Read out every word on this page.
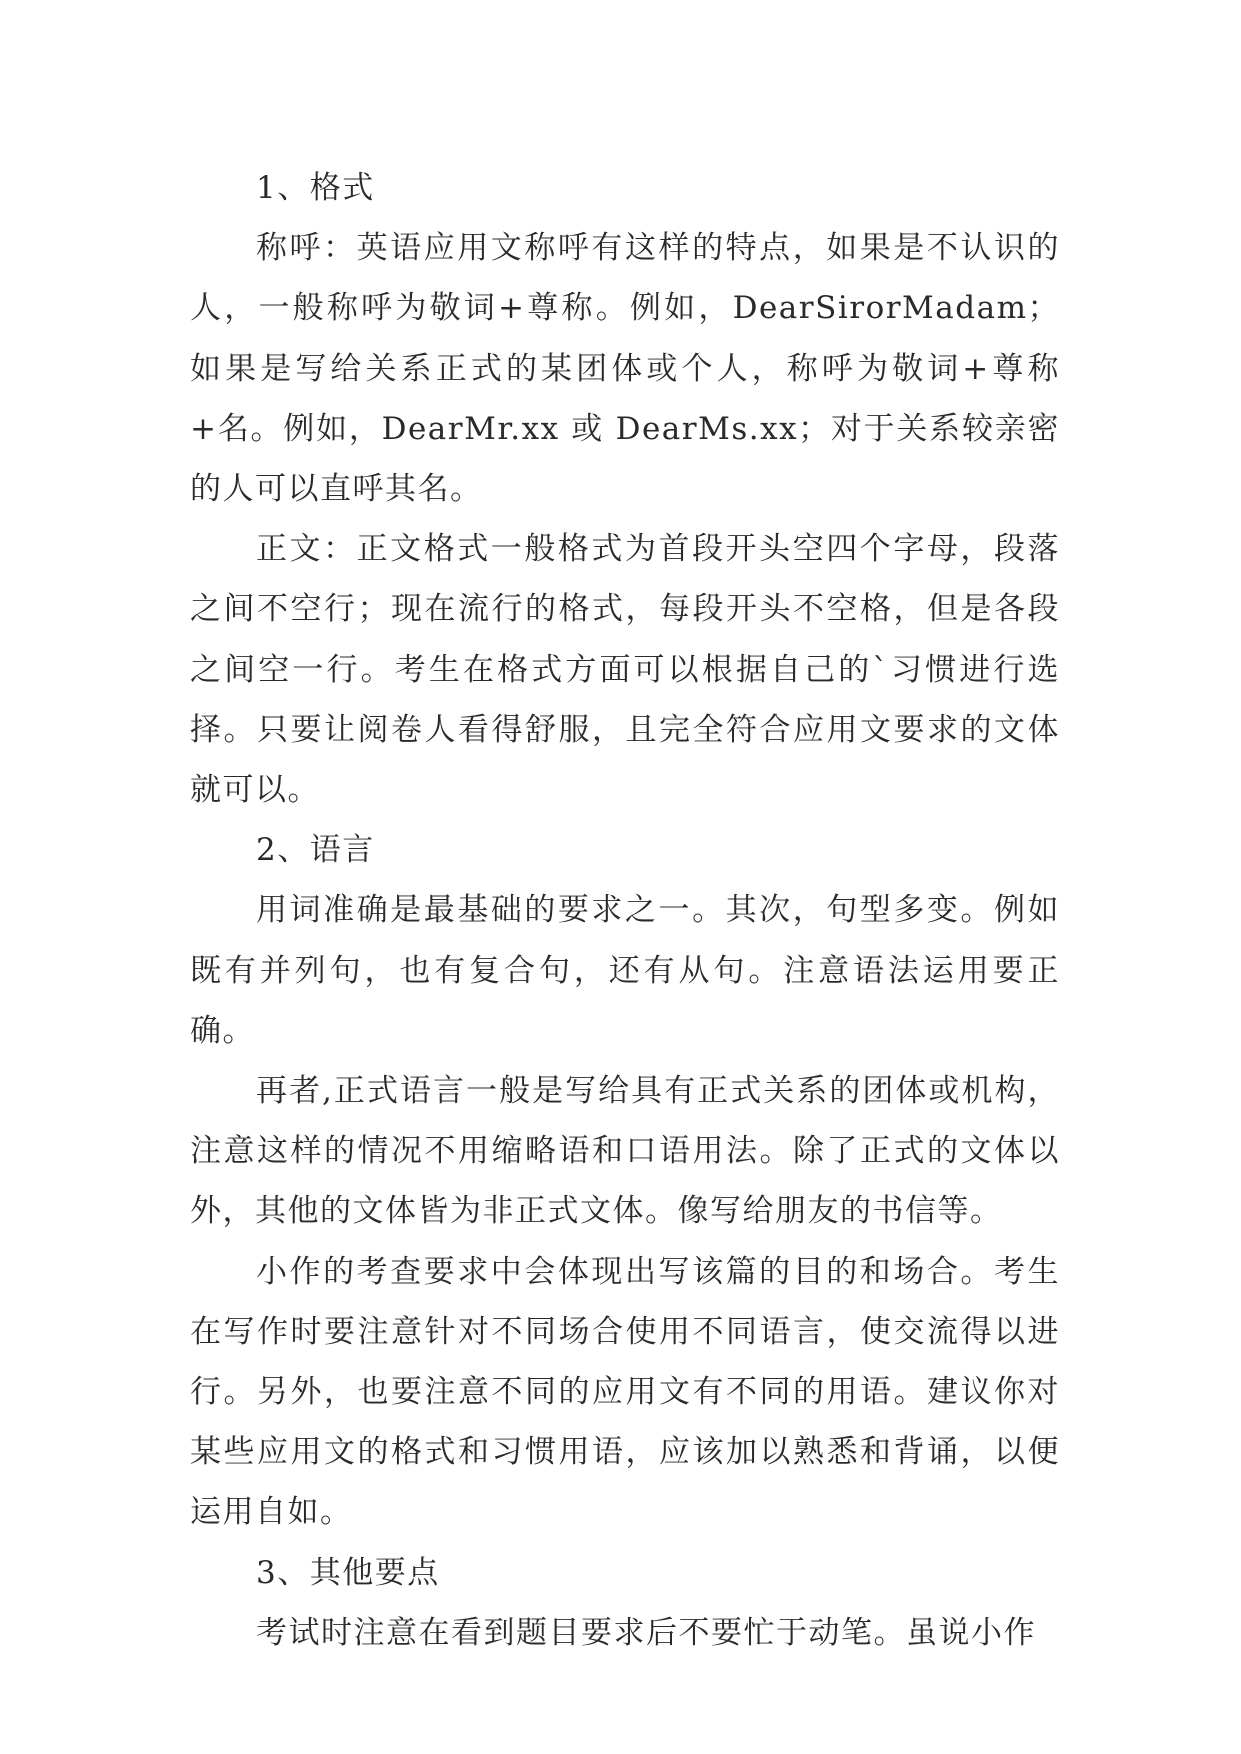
1、格式

称呼：英语应用文称呼有这样的特点，如果是不认识的人，一般称呼为敬词+尊称。例如，DearSirorMadam；如果是写给关系正式的某团体或个人，称呼为敬词+尊称+名。例如，DearMr.xx 或 DearMs.xx；对于关系较亲密的人可以直呼其名。

正文：正文格式一般格式为首段开头空四个字母，段落之间不空行；现在流行的格式，每段开头不空格，但是各段之间空一行。考生在格式方面可以根据自己的`习惯进行选择。只要让阅卷人看得舒服，且完全符合应用文要求的文体就可以。

2、语言

用词准确是最基础的要求之一。其次，句型多变。例如既有并列句，也有复合句，还有从句。注意语法运用要正确。

再者,正式语言一般是写给具有正式关系的团体或机构，注意这样的情况不用缩略语和口语用法。除了正式的文体以外，其他的文体皆为非正式文体。像写给朋友的书信等。

小作的考查要求中会体现出写该篇的目的和场合。考生在写作时要注意针对不同场合使用不同语言，使交流得以进行。另外，也要注意不同的应用文有不同的用语。建议你对某些应用文的格式和习惯用语，应该加以熟悉和背诵，以便运用自如。

3、其他要点

考试时注意在看到题目要求后不要忙于动笔。虽说小作
